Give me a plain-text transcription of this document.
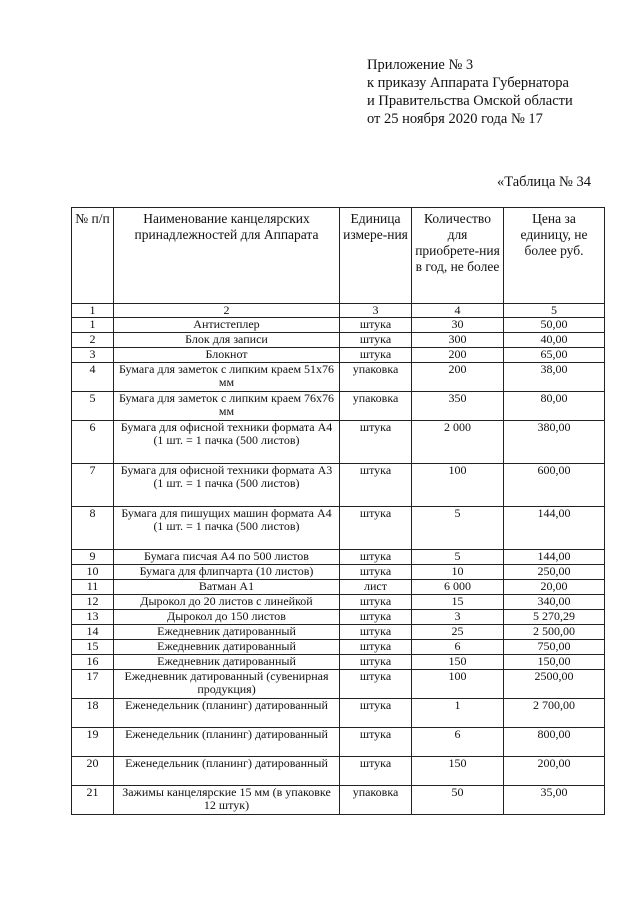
Приложение № 3
к приказу Аппарата Губернатора
и Правительства Омской области
от 25 ноября 2020 года № 17
«Таблица № 34
№ п/п	Наименование канцелярских принадлежностей для Аппарата	Единица измере-ния	Количество для приобрете-ния в год, не более	Цена за единицу, не более руб.
1	2	3	4	5
1	Антистеплер	штука	30	50,00
2	Блок для записи	штука	300	40,00
3	Блокнот	штука	200	65,00
4	Бумага для заметок с липким краем 51х76 мм	упаковка	200	38,00
5	Бумага для заметок с липким краем 76х76 мм	упаковка	350	80,00
6	Бумага для офисной техники формата А4 (1 шт. = 1 пачка (500 листов)	штука	2 000	380,00
7	Бумага для офисной техники формата А3 (1 шт. = 1 пачка (500 листов)	штука	100	600,00
8	Бумага для пишущих машин формата А4 (1 шт. = 1 пачка (500 листов)	штука	5	144,00
9	Бумага писчая А4 по 500 листов	штука	5	144,00
10	Бумага для флипчарта (10 листов)	штука	10	250,00
11	Ватман А1	лист	6 000	20,00
12	Дырокол до 20 листов с линейкой	штука	15	340,00
13	Дырокол до 150 листов	штука	3	5 270,29
14	Ежедневник датированный	штука	25	2 500,00
15	Ежедневник датированный	штука	6	750,00
16	Ежедневник датированный	штука	150	150,00
17	Ежедневник датированный (сувенирная продукция)	штука	100	2500,00
18	Еженедельник (планинг) датированный	штука	1	2 700,00
19	Еженедельник (планинг) датированный	штука	6	800,00
20	Еженедельник (планинг) датированный	штука	150	200,00
21	Зажимы канцелярские 15 мм (в упаковке 12 штук)	упаковка	50	35,00
